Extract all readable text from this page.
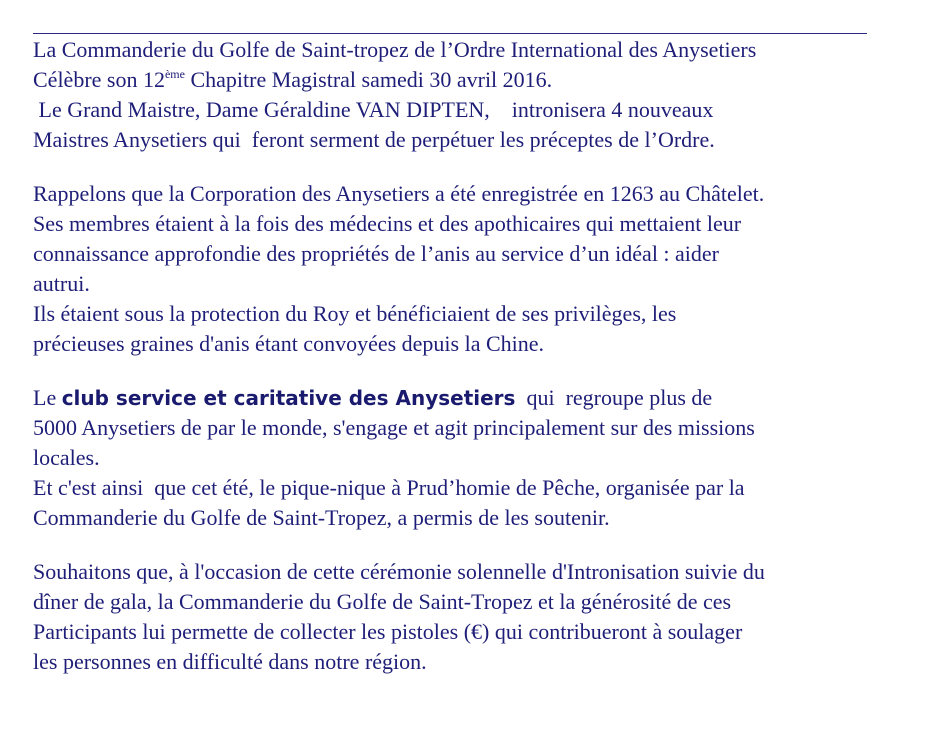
La Commanderie du Golfe de Saint-tropez de l’Ordre International des Anysetiers
Célèbre son 12ème Chapitre Magistral samedi 30 avril 2016.
Le Grand Maistre, Dame Géraldine VAN DIPTEN,    intronisera 4 nouveaux
Maistres Anysetiers qui  feront serment de perpétuer les préceptes de l’Ordre.

Rappelons que la Corporation des Anysetiers a été enregistrée en 1263 au Châtelet.
Ses membres étaient à la fois des médecins et des apothicaires qui mettaient leur
connaissance approfondie des propriétés de l’anis au service d’un idéal : aider
autrui.
Ils étaient sous la protection du Roy et bénéficiaient de ses privilèges, les
précieuses graines d'anis étant convoyées depuis la Chine.

Le club service et caritative des Anysetiers  qui  regroupe plus de
5000 Anysetiers de par le monde, s'engage et agit principalement sur des missions
locales.
Et c'est ainsi  que cet été, le pique-nique à Prud’homie de Pêche, organisée par la
Commanderie du Golfe de Saint-Tropez, a permis de les soutenir.

Souhaitons que, à l'occasion de cette cérémonie solennelle d'Intronisation suivie du
dîner de gala, la Commanderie du Golfe de Saint-Tropez et la générosité de ces
Participants lui permette de collecter les pistoles (€) qui contribueront à soulager
les personnes en difficulté dans notre région.
